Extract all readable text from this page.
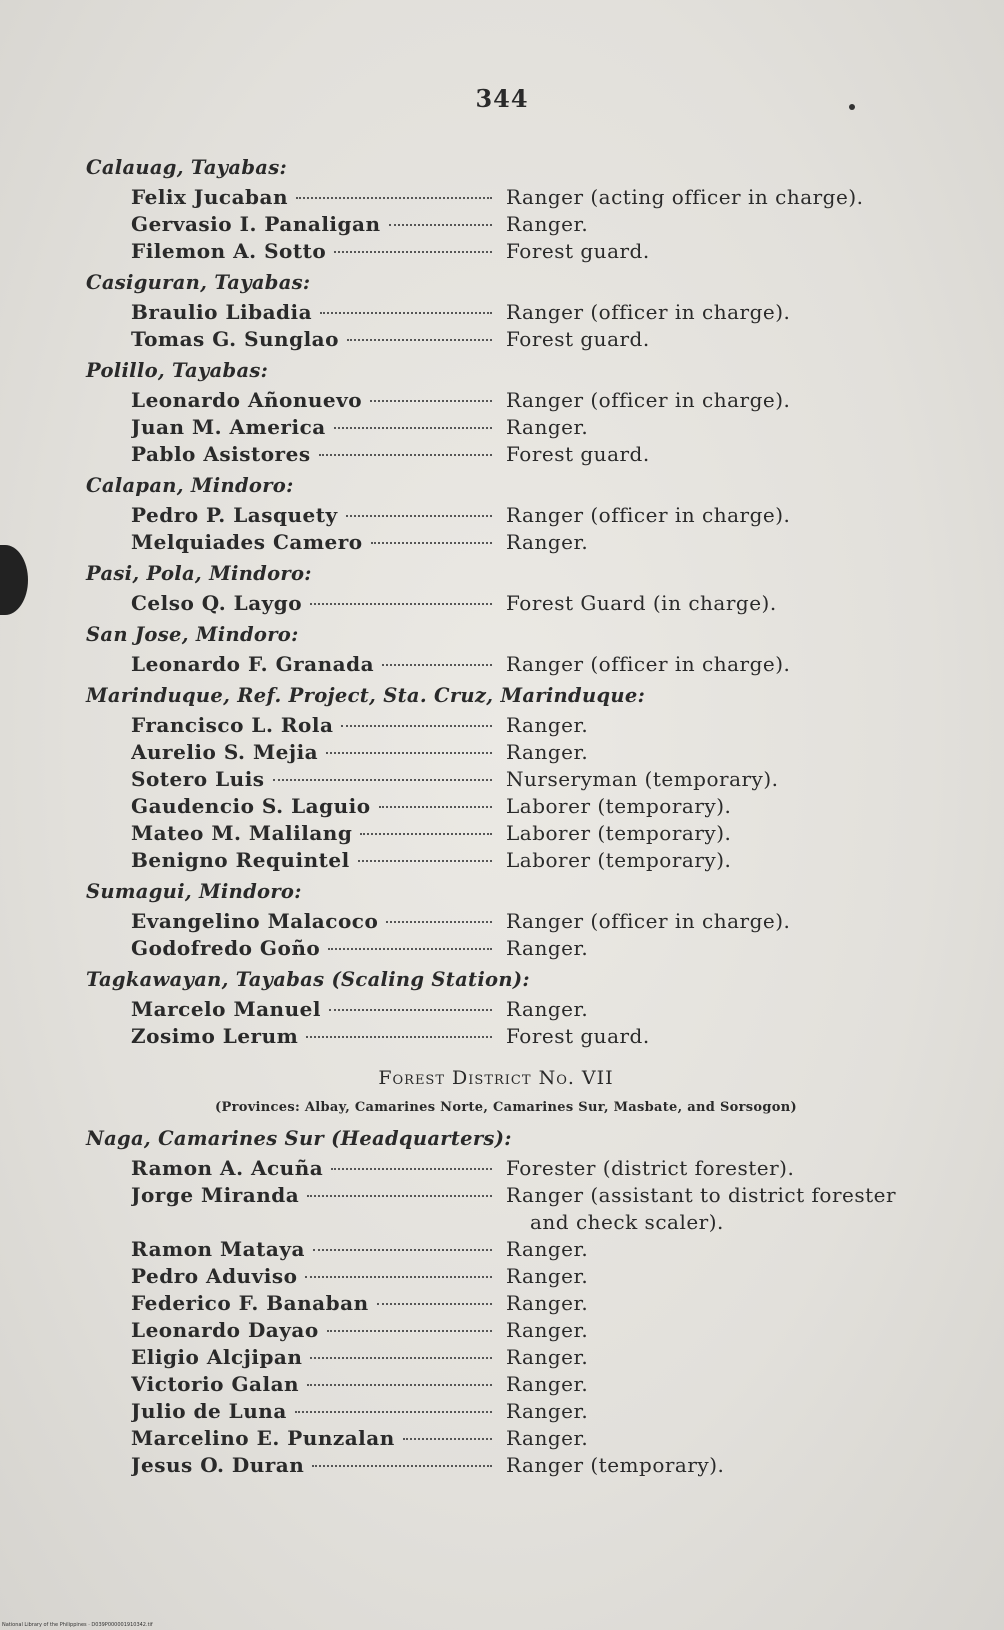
344
Calauag, Tayabas:
Felix Jucaban	Ranger (acting officer in charge).
Gervasio I. Panaligan	Ranger.
Filemon A. Sotto	Forest guard.
Casiguran, Tayabas:
Braulio Libadia	Ranger (officer in charge).
Tomas G. Sunglao	Forest guard.
Polillo, Tayabas:
Leonardo Añonuevo	Ranger (officer in charge).
Juan M. America	Ranger.
Pablo Asistores	Forest guard.
Calapan, Mindoro:
Pedro P. Lasquety	Ranger (officer in charge).
Melquiades Camero	Ranger.
Pasi, Pola, Mindoro:
Celso Q. Laygo	Forest Guard (in charge).
San Jose, Mindoro:
Leonardo F. Granada	Ranger (officer in charge).
Marinduque, Ref. Project, Sta. Cruz, Marinduque:
Francisco L. Rola	Ranger.
Aurelio S. Mejia	Ranger.
Sotero Luis	Nurseryman (temporary).
Gaudencio S. Laguio	Laborer (temporary).
Mateo M. Malilang	Laborer (temporary).
Benigno Requintel	Laborer (temporary).
Sumagui, Mindoro:
Evangelino Malacoco	Ranger (officer in charge).
Godofredo Goño	Ranger.
Tagkawayan, Tayabas (Scaling Station):
Marcelo Manuel	Ranger.
Zosimo Lerum	Forest guard.
Forest District No. VII
(Provinces: Albay, Camarines Norte, Camarines Sur, Masbate, and Sorsogon)
Naga, Camarines Sur (Headquarters):
Ramon A. Acuña	Forester (district forester).
Jorge Miranda	Ranger (assistant to district forester
and check scaler).
Ramon Mataya	Ranger.
Pedro Aduviso	Ranger.
Federico F. Banaban	Ranger.
Leonardo Dayao	Ranger.
Eligio Alcjipan	Ranger.
Victorio Galan	Ranger.
Julio de Luna	Ranger.
Marcelino E. Punzalan	Ranger.
Jesus O. Duran	Ranger (temporary).
National Library of the Philippines · D039P000001910342.tif
